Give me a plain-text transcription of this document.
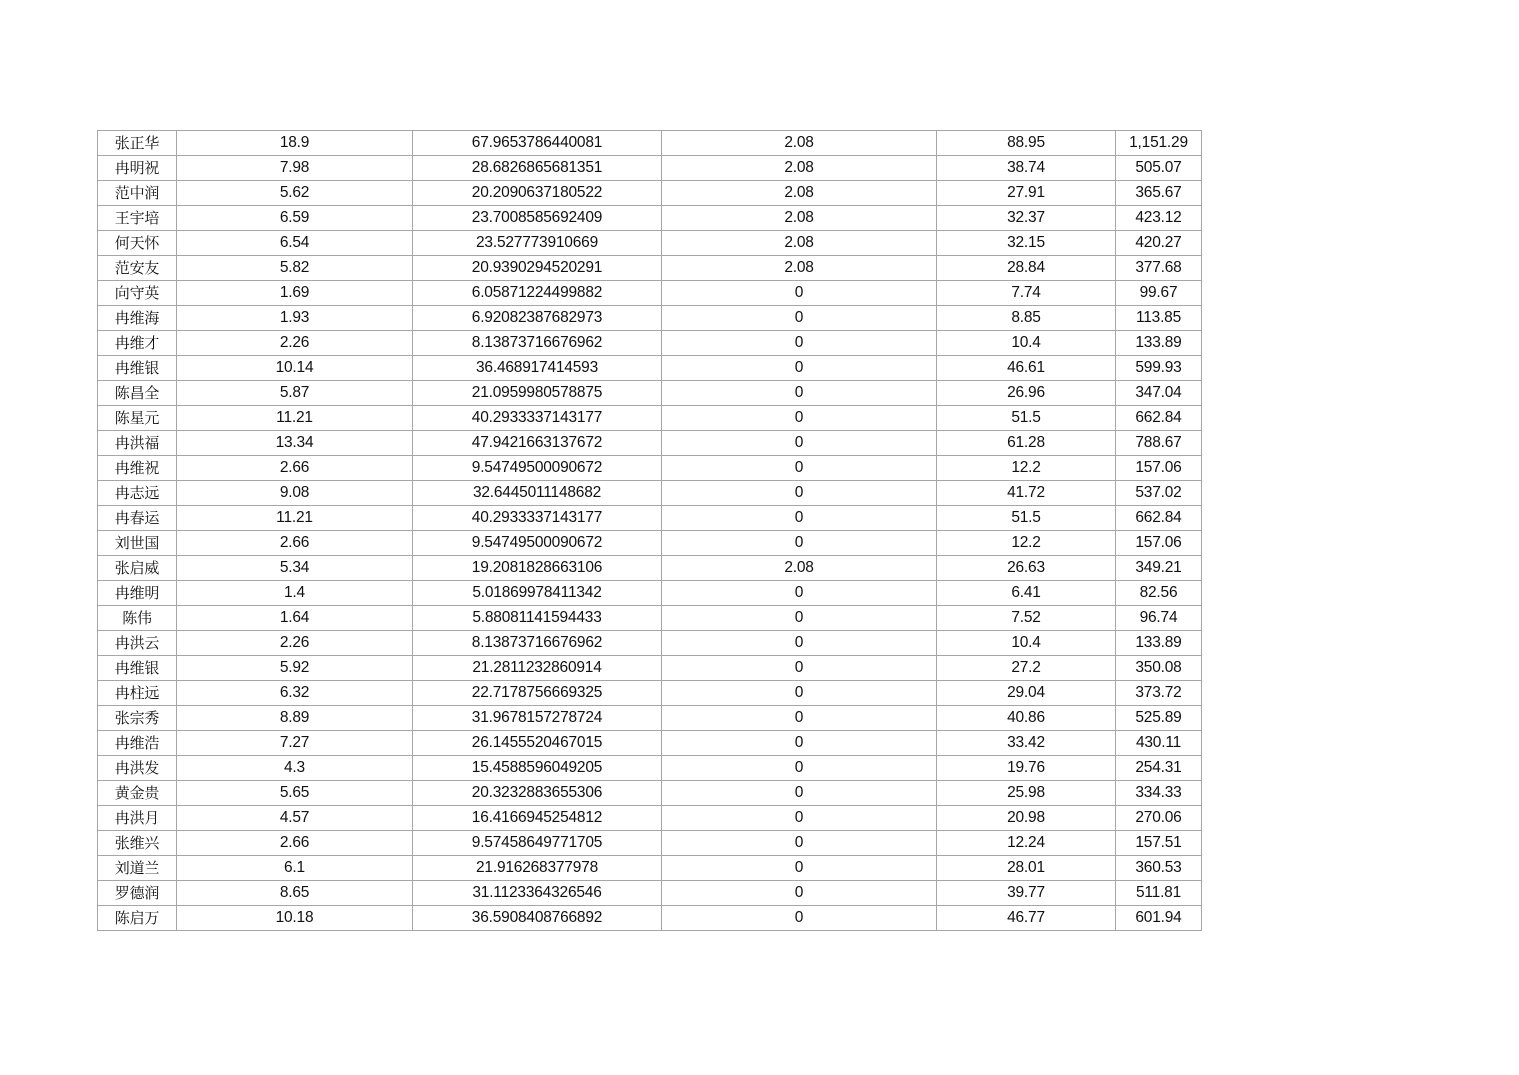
张正华	18.9	67.9653786440081	2.08	88.95	1,151.29
冉明祝	7.98	28.6826865681351	2.08	38.74	505.07
范中润	5.62	20.2090637180522	2.08	27.91	365.67
王宇培	6.59	23.7008585692409	2.08	32.37	423.12
何天怀	6.54	23.527773910669	2.08	32.15	420.27
范安友	5.82	20.9390294520291	2.08	28.84	377.68
向守英	1.69	6.05871224499882	0	7.74	99.67
冉维海	1.93	6.92082387682973	0	8.85	113.85
冉维才	2.26	8.13873716676962	0	10.4	133.89
冉维银	10.14	36.468917414593	0	46.61	599.93
陈昌全	5.87	21.0959980578875	0	26.96	347.04
陈星元	11.21	40.2933337143177	0	51.5	662.84
冉洪福	13.34	47.9421663137672	0	61.28	788.67
冉维祝	2.66	9.54749500090672	0	12.2	157.06
冉志远	9.08	32.6445011148682	0	41.72	537.02
冉春运	11.21	40.2933337143177	0	51.5	662.84
刘世国	2.66	9.54749500090672	0	12.2	157.06
张启威	5.34	19.2081828663106	2.08	26.63	349.21
冉维明	1.4	5.01869978411342	0	6.41	82.56
陈伟	1.64	5.88081141594433	0	7.52	96.74
冉洪云	2.26	8.13873716676962	0	10.4	133.89
冉维银	5.92	21.2811232860914	0	27.2	350.08
冉柱远	6.32	22.7178756669325	0	29.04	373.72
张宗秀	8.89	31.9678157278724	0	40.86	525.89
冉维浩	7.27	26.1455520467015	0	33.42	430.11
冉洪发	4.3	15.4588596049205	0	19.76	254.31
黄金贵	5.65	20.3232883655306	0	25.98	334.33
冉洪月	4.57	16.4166945254812	0	20.98	270.06
张维兴	2.66	9.57458649771705	0	12.24	157.51
刘道兰	6.1	21.916268377978	0	28.01	360.53
罗德润	8.65	31.1123364326546	0	39.77	511.81
陈启万	10.18	36.5908408766892	0	46.77	601.94
